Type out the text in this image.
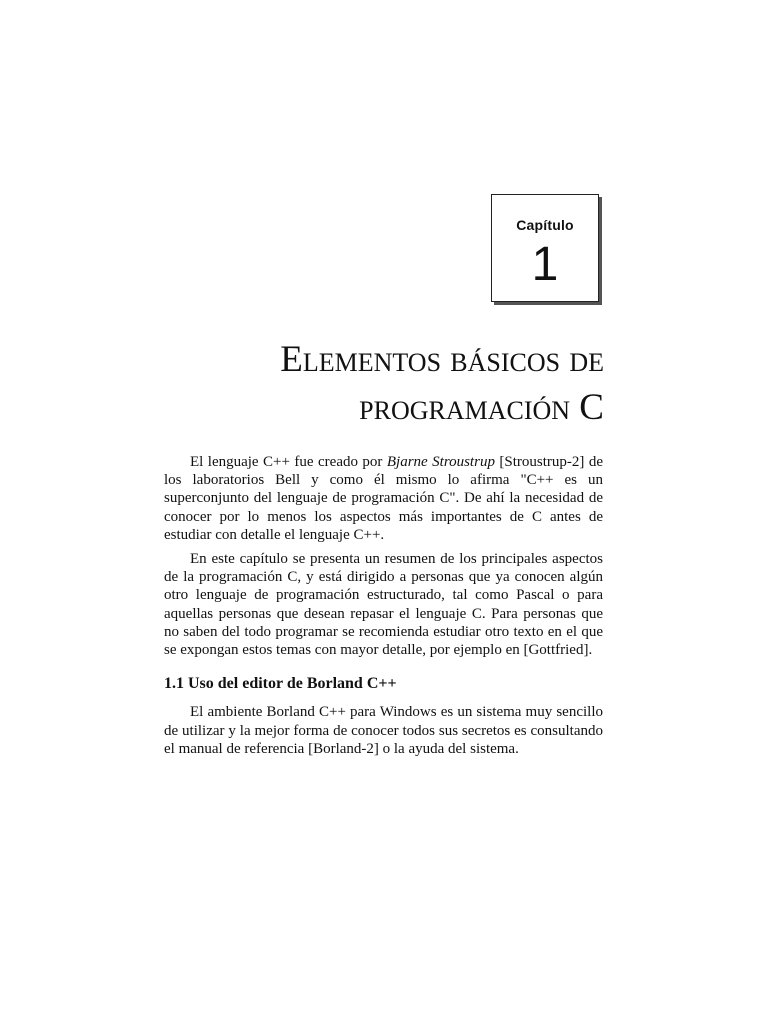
Capítulo
1
Elementos básicos de
programación C

El lenguaje C++ fue creado por Bjarne Stroustrup [Stroustrup-2] de los laboratorios Bell y como él mismo lo afirma "C++ es un superconjunto del lenguaje de programación C". De ahí la necesidad de conocer por lo menos los aspectos más importantes de C antes de estudiar con detalle el lenguaje C++.

En este capítulo se presenta un resumen de los principales aspectos de la programación C, y está dirigido a personas que ya conocen algún otro lenguaje de programación estructurado, tal como Pascal o para aquellas personas que desean repasar el lenguaje C. Para personas que no saben del todo programar se recomienda estudiar otro texto en el que se expongan estos temas con mayor detalle, por ejemplo en [Gottfried].

1.1 Uso del editor de Borland C++

El ambiente Borland C++ para Windows es un sistema muy sencillo de utilizar y la mejor forma de conocer todos sus secretos es consultando el manual de referencia [Borland-2] o la ayuda del sistema.
